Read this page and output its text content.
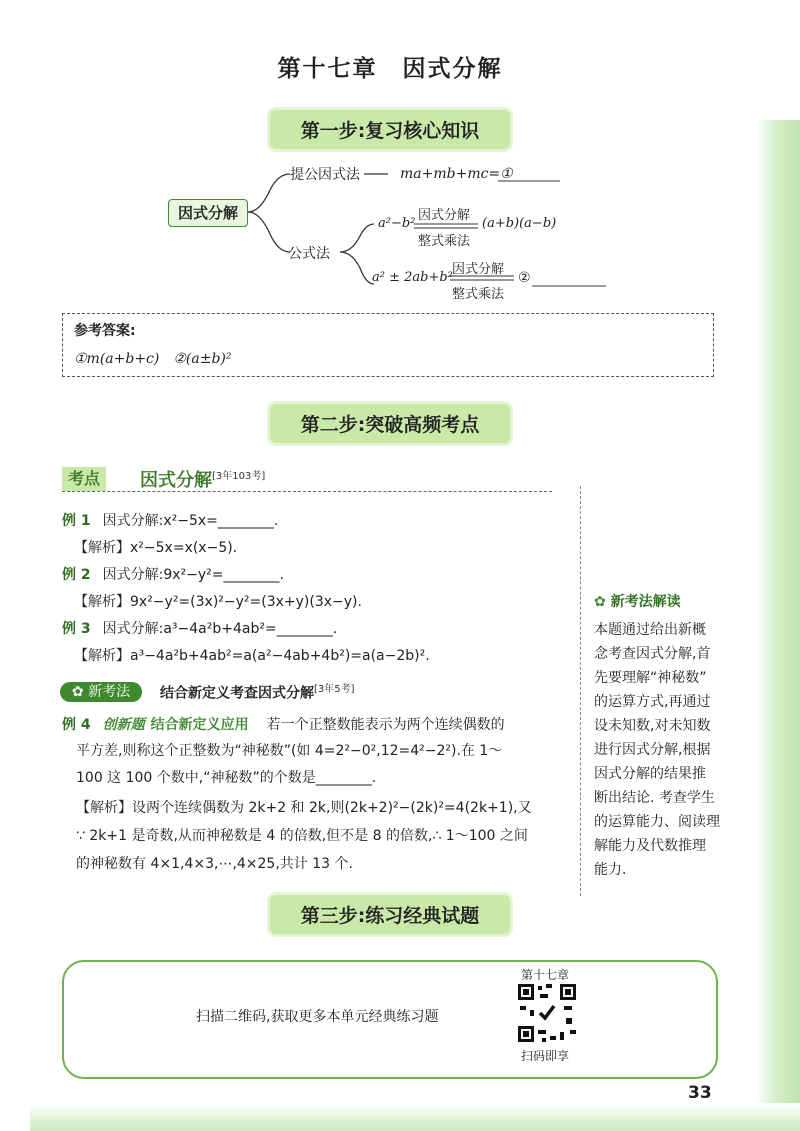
第十七章　因式分解
第一步:复习核心知识
因式分解
提公因式法	ma+mb+mc=①
公式法
a²−b²
因式分解
整式乘法
(a+b)(a−b)
a² ± 2ab+b²
因式分解
整式乘法
②
参考答案:
①m(a+b+c)　②(a±b)²
第二步:突破高频考点
考点	因式分解[3年103考]
例 1 因式分解:x²−5x=________.
【解析】x²−5x=x(x−5).
例 2 因式分解:9x²−y²=________.
【解析】9x²−y²=(3x)²−y²=(3x+y)(3x−y).
例 3 因式分解:a³−4a²b+4ab²=________.
【解析】a³−4a²b+4ab²=a(a²−4ab+4b²)=a(a−2b)².
✿ 新考法	结合新定义考查因式分解[3年5考]
例 4 创新题 结合新定义应用 若一个正整数能表示为两个连续偶数的
平方差,则称这个正整数为“神秘数”(如 4=2²−0²,12=4²−2²).在 1～
100 这 100 个数中,“神秘数”的个数是________.
【解析】设两个连续偶数为 2k+2 和 2k,则(2k+2)²−(2k)²=4(2k+1),又
∵ 2k+1 是奇数,从而神秘数是 4 的倍数,但不是 8 的倍数,∴ 1～100 之间
的神秘数有 4×1,4×3,⋯,4×25,共计 13 个.
✿ 新考法解读
本题通过给出新概
念考查因式分解,首
先要理解“神秘数”
的运算方式,再通过
设未知数,对未知数
进行因式分解,根据
因式分解的结果推
断出结论. 考查学生
的运算能力、阅读理
解能力及代数推理
能力.
第三步:练习经典试题
扫描二维码,获取更多本单元经典练习题
第十七章
扫码即享
33
